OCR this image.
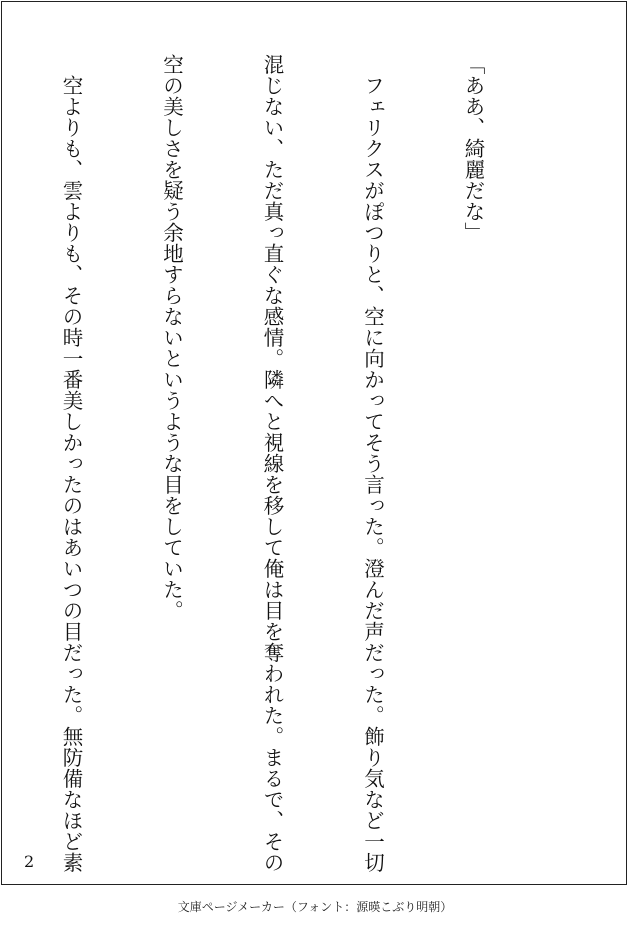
「ああ、綺麗だな」

　フェリクスがぽつりと、空に向かってそう言った。澄んだ声だった。飾り気など一切

混じない、ただ真っ直ぐな感情。隣へと視線を移して俺は目を奪われた。まるで、その

空の美しさを疑う余地すらないというような目をしていた。

　空よりも、雲よりも、その時一番美しかったのはあいつの目だった。無防備なほど素

2
文庫ページメーカー（フォント：源暎こぶり明朝）
